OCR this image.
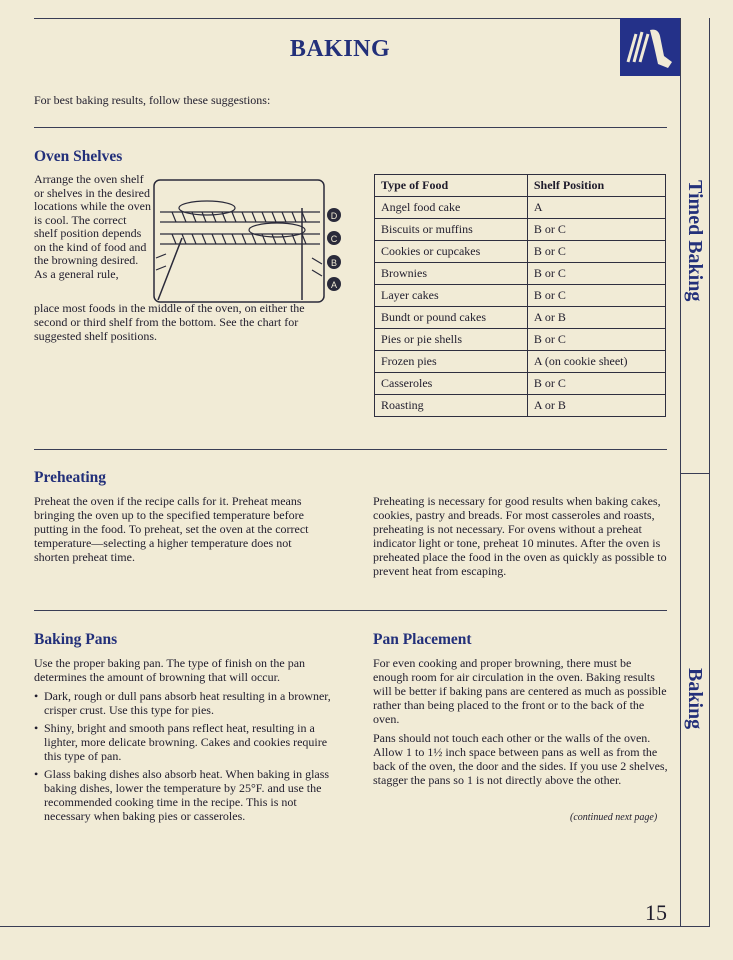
Timed Baking
Baking
BAKING
For best baking results, follow these suggestions:
Oven Shelves
Arrange the oven shelf or shelves in the desired locations while the oven is cool. The correct shelf position depends on the kind of food and the browning desired. As a general rule,
D
C
B
A
place most foods in the middle of the oven, on either the second or third shelf from the bottom. See the chart for suggested shelf positions.
Type of Food	Shelf Position
Angel food cake	A
Biscuits or muffins	B or C
Cookies or cupcakes	B or C
Brownies	B or C
Layer cakes	B or C
Bundt or pound cakes	A or B
Pies or pie shells	B or C
Frozen pies	A (on cookie sheet)
Casseroles	B or C
Roasting	A or B
Preheating
Preheat the oven if the recipe calls for it. Preheat means bringing the oven up to the specified temperature before putting in the food. To preheat, set the oven at the correct temperature—selecting a higher temperature does not shorten preheat time.
Preheating is necessary for good results when baking cakes, cookies, pastry and breads. For most casseroles and roasts, preheating is not necessary. For ovens without a preheat indicator light or tone, preheat 10 minutes. After the oven is preheated place the food in the oven as quickly as possible to prevent heat from escaping.
Baking Pans

Use the proper baking pan. The type of finish on the pan determines the amount of browning that will occur.

• Dark, rough or dull pans absorb heat resulting in a browner, crisper crust. Use this type for pies.
• Shiny, bright and smooth pans reflect heat, resulting in a lighter, more delicate browning. Cakes and cookies require this type of pan.
• Glass baking dishes also absorb heat. When baking in glass baking dishes, lower the temperature by 25°F. and use the recommended cooking time in the recipe. This is not necessary when baking pies or casseroles.
Pan Placement

For even cooking and proper browning, there must be enough room for air circulation in the oven. Baking results will be better if baking pans are centered as much as possible rather than being placed to the front or to the back of the oven.

Pans should not touch each other or the walls of the oven. Allow 1 to 1½ inch space between pans as well as from the back of the oven, the door and the sides. If you use 2 shelves, stagger the pans so 1 is not directly above the other.

(continued next page)
15
